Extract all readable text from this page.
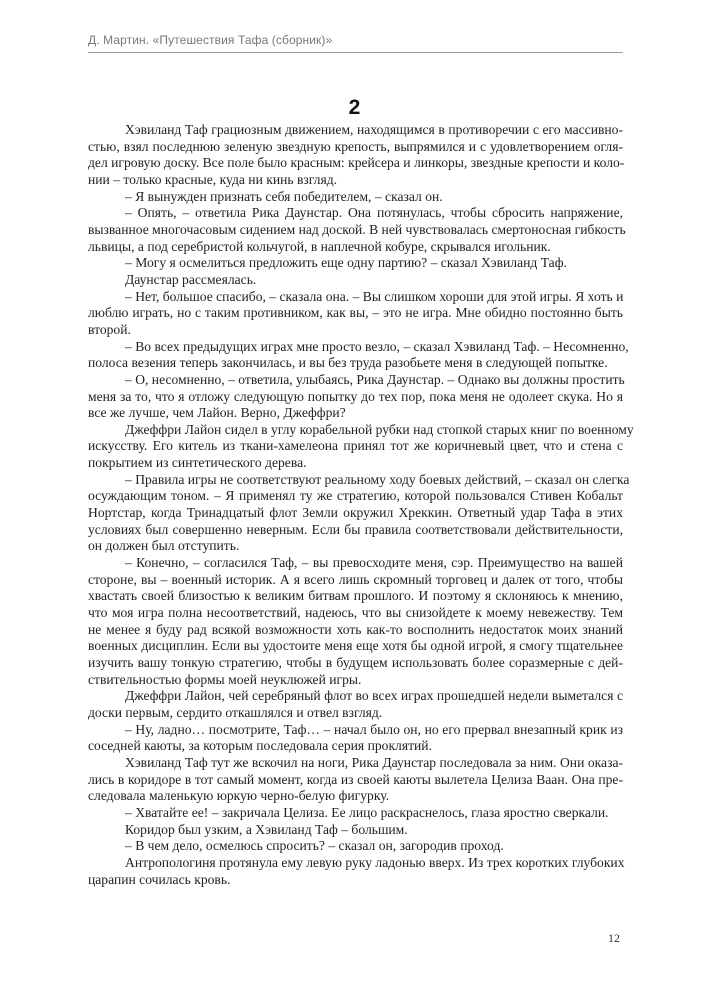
Д. Мартин. «Путешествия Тафа (сборник)»
2
Хэвиланд Таф грациозным движением, находящимся в противоречии с его массивно-
стью, взял последнюю зеленую звездную крепость, выпрямился и с удовлетворением огля-
дел игровую доску. Все поле было красным: крейсера и линкоры, звездные крепости и коло-
нии – только красные, куда ни кинь взгляд.
– Я вынужден признать себя победителем, – сказал он.
– Опять, – ответила Рика Даунстар. Она потянулась, чтобы сбросить напряжение,
вызванное многочасовым сидением над доской. В ней чувствовалась смертоносная гибкость
львицы, а под серебристой кольчугой, в наплечной кобуре, скрывался игольник.
– Могу я осмелиться предложить еще одну партию? – сказал Хэвиланд Таф.
Даунстар рассмеялась.
– Нет, большое спасибо, – сказала она. – Вы слишком хороши для этой игры. Я хоть и
люблю играть, но с таким противником, как вы, – это не игра. Мне обидно постоянно быть
второй.
– Во всех предыдущих играх мне просто везло, – сказал Хэвиланд Таф. – Несомненно,
полоса везения теперь закончилась, и вы без труда разобьете меня в следующей попытке.
– О, несомненно, – ответила, улыбаясь, Рика Даунстар. – Однако вы должны простить
меня за то, что я отложу следующую попытку до тех пор, пока меня не одолеет скука. Но я
все же лучше, чем Лайон. Верно, Джеффри?
Джеффри Лайон сидел в углу корабельной рубки над стопкой старых книг по военному
искусству. Его китель из ткани-хамелеона принял тот же коричневый цвет, что и стена с
покрытием из синтетического дерева.
– Правила игры не соответствуют реальному ходу боевых действий, – сказал он слегка
осуждающим тоном. – Я применял ту же стратегию, которой пользовался Стивен Кобальт
Нортстар, когда Тринадцатый флот Земли окружил Хреккин. Ответный удар Тафа в этих
условиях был совершенно неверным. Если бы правила соответствовали действительности,
он должен был отступить.
– Конечно, – согласился Таф, – вы превосходите меня, сэр. Преимущество на вашей
стороне, вы – военный историк. А я всего лишь скромный торговец и далек от того, чтобы
хвастать своей близостью к великим битвам прошлого. И поэтому я склоняюсь к мнению,
что моя игра полна несоответствий, надеюсь, что вы снизойдете к моему невежеству. Тем
не менее я буду рад всякой возможности хоть как-то восполнить недостаток моих знаний
военных дисциплин. Если вы удостоите меня еще хотя бы одной игрой, я смогу тщательнее
изучить вашу тонкую стратегию, чтобы в будущем использовать более соразмерные с дей-
ствительностью формы моей неуклюжей игры.
Джеффри Лайон, чей серебряный флот во всех играх прошедшей недели выметался с
доски первым, сердито откашлялся и отвел взгляд.
– Ну, ладно… посмотрите, Таф… – начал было он, но его прервал внезапный крик из
соседней каюты, за которым последовала серия проклятий.
Хэвиланд Таф тут же вскочил на ноги, Рика Даунстар последовала за ним. Они оказа-
лись в коридоре в тот самый момент, когда из своей каюты вылетела Целиза Ваан. Она пре-
следовала маленькую юркую черно-белую фигурку.
– Хватайте ее! – закричала Целиза. Ее лицо раскраснелось, глаза яростно сверкали.
Коридор был узким, а Хэвиланд Таф – большим.
– В чем дело, осмелюсь спросить? – сказал он, загородив проход.
Антропологиня протянула ему левую руку ладонью вверх. Из трех коротких глубоких
царапин сочилась кровь.
12
